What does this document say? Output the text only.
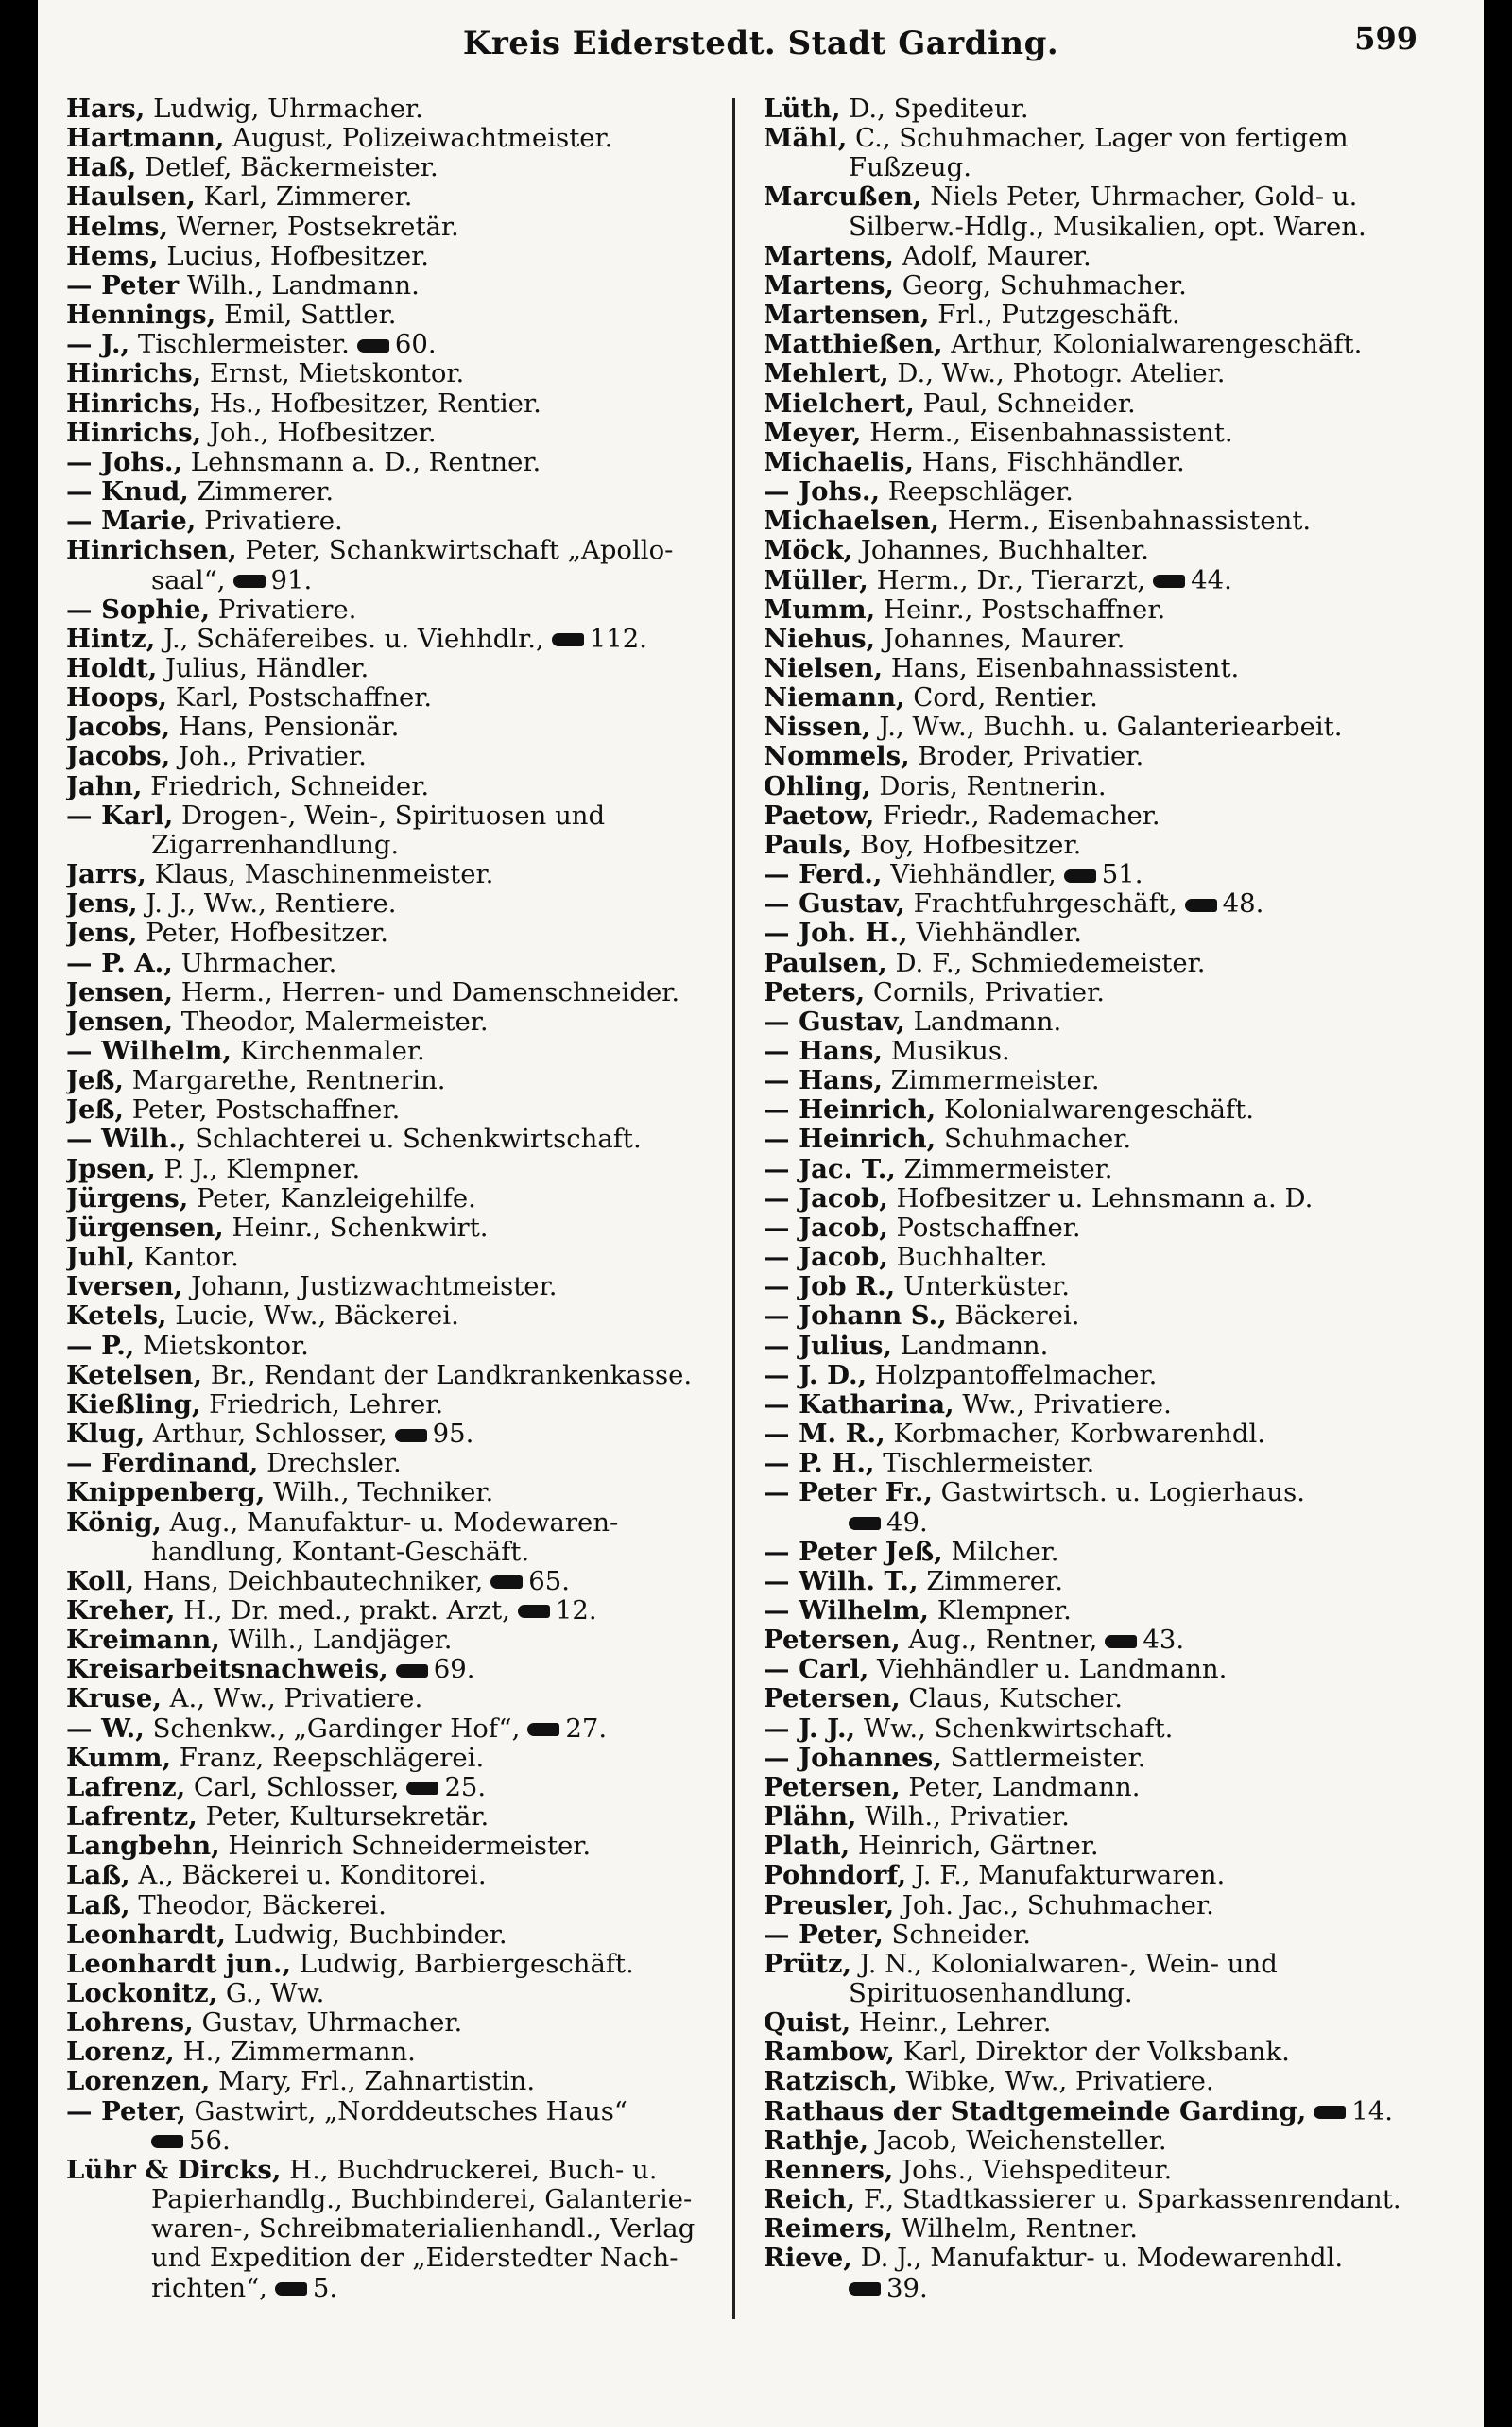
Kreis Eiderstedt. Stadt Garding.	599
Hars, Ludwig, Uhrmacher.
Hartmann, August, Polizeiwachtmeister.
Haß, Detlef, Bäckermeister.
Haulsen, Karl, Zimmerer.
Helms, Werner, Postsekretär.
Hems, Lucius, Hofbesitzer.
— Peter Wilh., Landmann.
Hennings, Emil, Sattler.
— J., Tischlermeister. 60.
Hinrichs, Ernst, Mietskontor.
Hinrichs, Hs., Hofbesitzer, Rentier.
Hinrichs, Joh., Hofbesitzer.
— Johs., Lehnsmann a. D., Rentner.
— Knud, Zimmerer.
— Marie, Privatiere.
Hinrichsen, Peter, Schankwirtschaft „Apollo-
saal“, 91.
— Sophie, Privatiere.
Hintz, J., Schäfereibes. u. Viehhdlr., 112.
Holdt, Julius, Händler.
Hoops, Karl, Postschaffner.
Jacobs, Hans, Pensionär.
Jacobs, Joh., Privatier.
Jahn, Friedrich, Schneider.
— Karl, Drogen-, Wein-, Spirituosen und
Zigarrenhandlung.
Jarrs, Klaus, Maschinenmeister.
Jens, J. J., Ww., Rentiere.
Jens, Peter, Hofbesitzer.
— P. A., Uhrmacher.
Jensen, Herm., Herren- und Damenschneider.
Jensen, Theodor, Malermeister.
— Wilhelm, Kirchenmaler.
Jeß, Margarethe, Rentnerin.
Jeß, Peter, Postschaffner.
— Wilh., Schlachterei u. Schenkwirtschaft.
Jpsen, P. J., Klempner.
Jürgens, Peter, Kanzleigehilfe.
Jürgensen, Heinr., Schenkwirt.
Juhl, Kantor.
Iversen, Johann, Justizwachtmeister.
Ketels, Lucie, Ww., Bäckerei.
— P., Mietskontor.
Ketelsen, Br., Rendant der Landkrankenkasse.
Kießling, Friedrich, Lehrer.
Klug, Arthur, Schlosser, 95.
— Ferdinand, Drechsler.
Knippenberg, Wilh., Techniker.
König, Aug., Manufaktur- u. Modewaren-
handlung, Kontant-Geschäft.
Koll, Hans, Deichbautechniker, 65.
Kreher, H., Dr. med., prakt. Arzt, 12.
Kreimann, Wilh., Landjäger.
Kreisarbeitsnachweis, 69.
Kruse, A., Ww., Privatiere.
— W., Schenkw., „Gardinger Hof“, 27.
Kumm, Franz, Reepschlägerei.
Lafrenz, Carl, Schlosser, 25.
Lafrentz, Peter, Kultursekretär.
Langbehn, Heinrich Schneidermeister.
Laß, A., Bäckerei u. Konditorei.
Laß, Theodor, Bäckerei.
Leonhardt, Ludwig, Buchbinder.
Leonhardt jun., Ludwig, Barbiergeschäft.
Lockonitz, G., Ww.
Lohrens, Gustav, Uhrmacher.
Lorenz, H., Zimmermann.
Lorenzen, Mary, Frl., Zahnartistin.
— Peter, Gastwirt, „Norddeutsches Haus“
56.
Lühr & Dircks, H., Buchdruckerei, Buch- u.
Papierhandlg., Buchbinderei, Galanterie-
waren-, Schreibmaterialienhandl., Verlag
und Expedition der „Eiderstedter Nach-
richten“, 5.
Lüth, D., Spediteur.
Mähl, C., Schuhmacher, Lager von fertigem
Fußzeug.
Marcußen, Niels Peter, Uhrmacher, Gold- u.
Silberw.-Hdlg., Musikalien, opt. Waren.
Martens, Adolf, Maurer.
Martens, Georg, Schuhmacher.
Martensen, Frl., Putzgeschäft.
Matthießen, Arthur, Kolonialwarengeschäft.
Mehlert, D., Ww., Photogr. Atelier.
Mielchert, Paul, Schneider.
Meyer, Herm., Eisenbahnassistent.
Michaelis, Hans, Fischhändler.
— Johs., Reepschläger.
Michaelsen, Herm., Eisenbahnassistent.
Möck, Johannes, Buchhalter.
Müller, Herm., Dr., Tierarzt, 44.
Mumm, Heinr., Postschaffner.
Niehus, Johannes, Maurer.
Nielsen, Hans, Eisenbahnassistent.
Niemann, Cord, Rentier.
Nissen, J., Ww., Buchh. u. Galanteriearbeit.
Nommels, Broder, Privatier.
Ohling, Doris, Rentnerin.
Paetow, Friedr., Rademacher.
Pauls, Boy, Hofbesitzer.
— Ferd., Viehhändler, 51.
— Gustav, Frachtfuhrgeschäft, 48.
— Joh. H., Viehhändler.
Paulsen, D. F., Schmiedemeister.
Peters, Cornils, Privatier.
— Gustav, Landmann.
— Hans, Musikus.
— Hans, Zimmermeister.
— Heinrich, Kolonialwarengeschäft.
— Heinrich, Schuhmacher.
— Jac. T., Zimmermeister.
— Jacob, Hofbesitzer u. Lehnsmann a. D.
— Jacob, Postschaffner.
— Jacob, Buchhalter.
— Job R., Unterküster.
— Johann S., Bäckerei.
— Julius, Landmann.
— J. D., Holzpantoffelmacher.
— Katharina, Ww., Privatiere.
— M. R., Korbmacher, Korbwarenhdl.
— P. H., Tischlermeister.
— Peter Fr., Gastwirtsch. u. Logierhaus.
49.
— Peter Jeß, Milcher.
— Wilh. T., Zimmerer.
— Wilhelm, Klempner.
Petersen, Aug., Rentner, 43.
— Carl, Viehhändler u. Landmann.
Petersen, Claus, Kutscher.
— J. J., Ww., Schenkwirtschaft.
— Johannes, Sattlermeister.
Petersen, Peter, Landmann.
Plähn, Wilh., Privatier.
Plath, Heinrich, Gärtner.
Pohndorf, J. F., Manufakturwaren.
Preusler, Joh. Jac., Schuhmacher.
— Peter, Schneider.
Prütz, J. N., Kolonialwaren-, Wein- und
Spirituosenhandlung.
Quist, Heinr., Lehrer.
Rambow, Karl, Direktor der Volksbank.
Ratzisch, Wibke, Ww., Privatiere.
Rathaus der Stadtgemeinde Garding, 14.
Rathje, Jacob, Weichensteller.
Renners, Johs., Viehspediteur.
Reich, F., Stadtkassierer u. Sparkassenrendant.
Reimers, Wilhelm, Rentner.
Rieve, D. J., Manufaktur- u. Modewarenhdl.
39.
